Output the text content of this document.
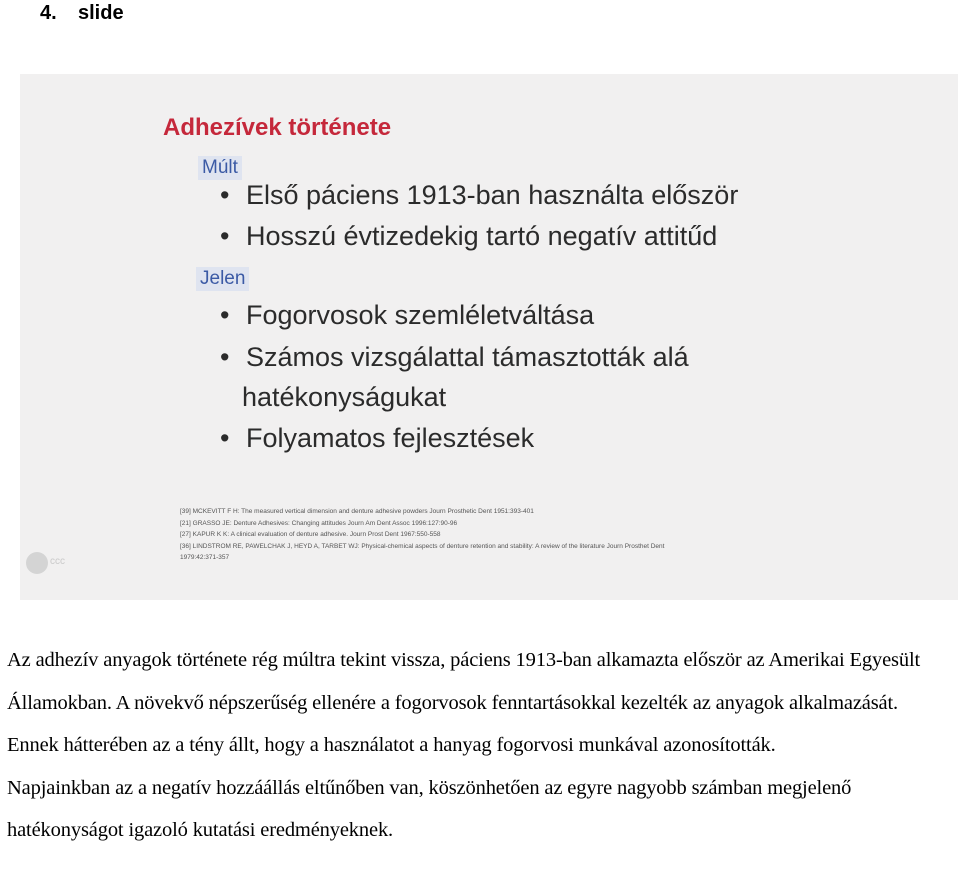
4. slide
Adhezívek története
Múlt
• Első páciens 1913-ban használta először
• Hosszú évtizedekig tartó negatív attitűd
Jelen
• Fogorvosok szemléletváltása
• Számos vizsgálattal támasztották alá
hatékonyságukat
• Folyamatos fejlesztések
[39] MCKEVITT F H: The measured vertical dimension and denture adhesive powders Journ Prosthetic Dent 1951:393-401
[21] GRASSO JE: Denture Adhesives: Changing attitudes Journ Am Dent Assoc 1996:127:90-96
[27] KAPUR K K: A clinical evaluation of denture adhesive. Journ Prost Dent 1967:550-558
[36] LINDSTROM RE, PAWELCHAK J, HEYD A, TARBET WJ: Physical-chemical aspects of denture retention and stability: A review of the literature Journ Prosthet Dent
1979:42:371-357
ccc

Az adhezív anyagok története rég múltra tekint vissza, páciens 1913-ban alkamazta először az Amerikai Egyesült Államokban. A növekvő népszerűség ellenére a fogorvosok fenntartásokkal kezelték az anyagok alkalmazását. Ennek hátterében az a tény állt, hogy a használatot a hanyag fogorvosi munkával azonosították.

Napjainkban az a negatív hozzáállás eltűnőben van, köszönhetően az egyre nagyobb számban megjelenő hatékonyságot igazoló kutatási eredményeknek.
